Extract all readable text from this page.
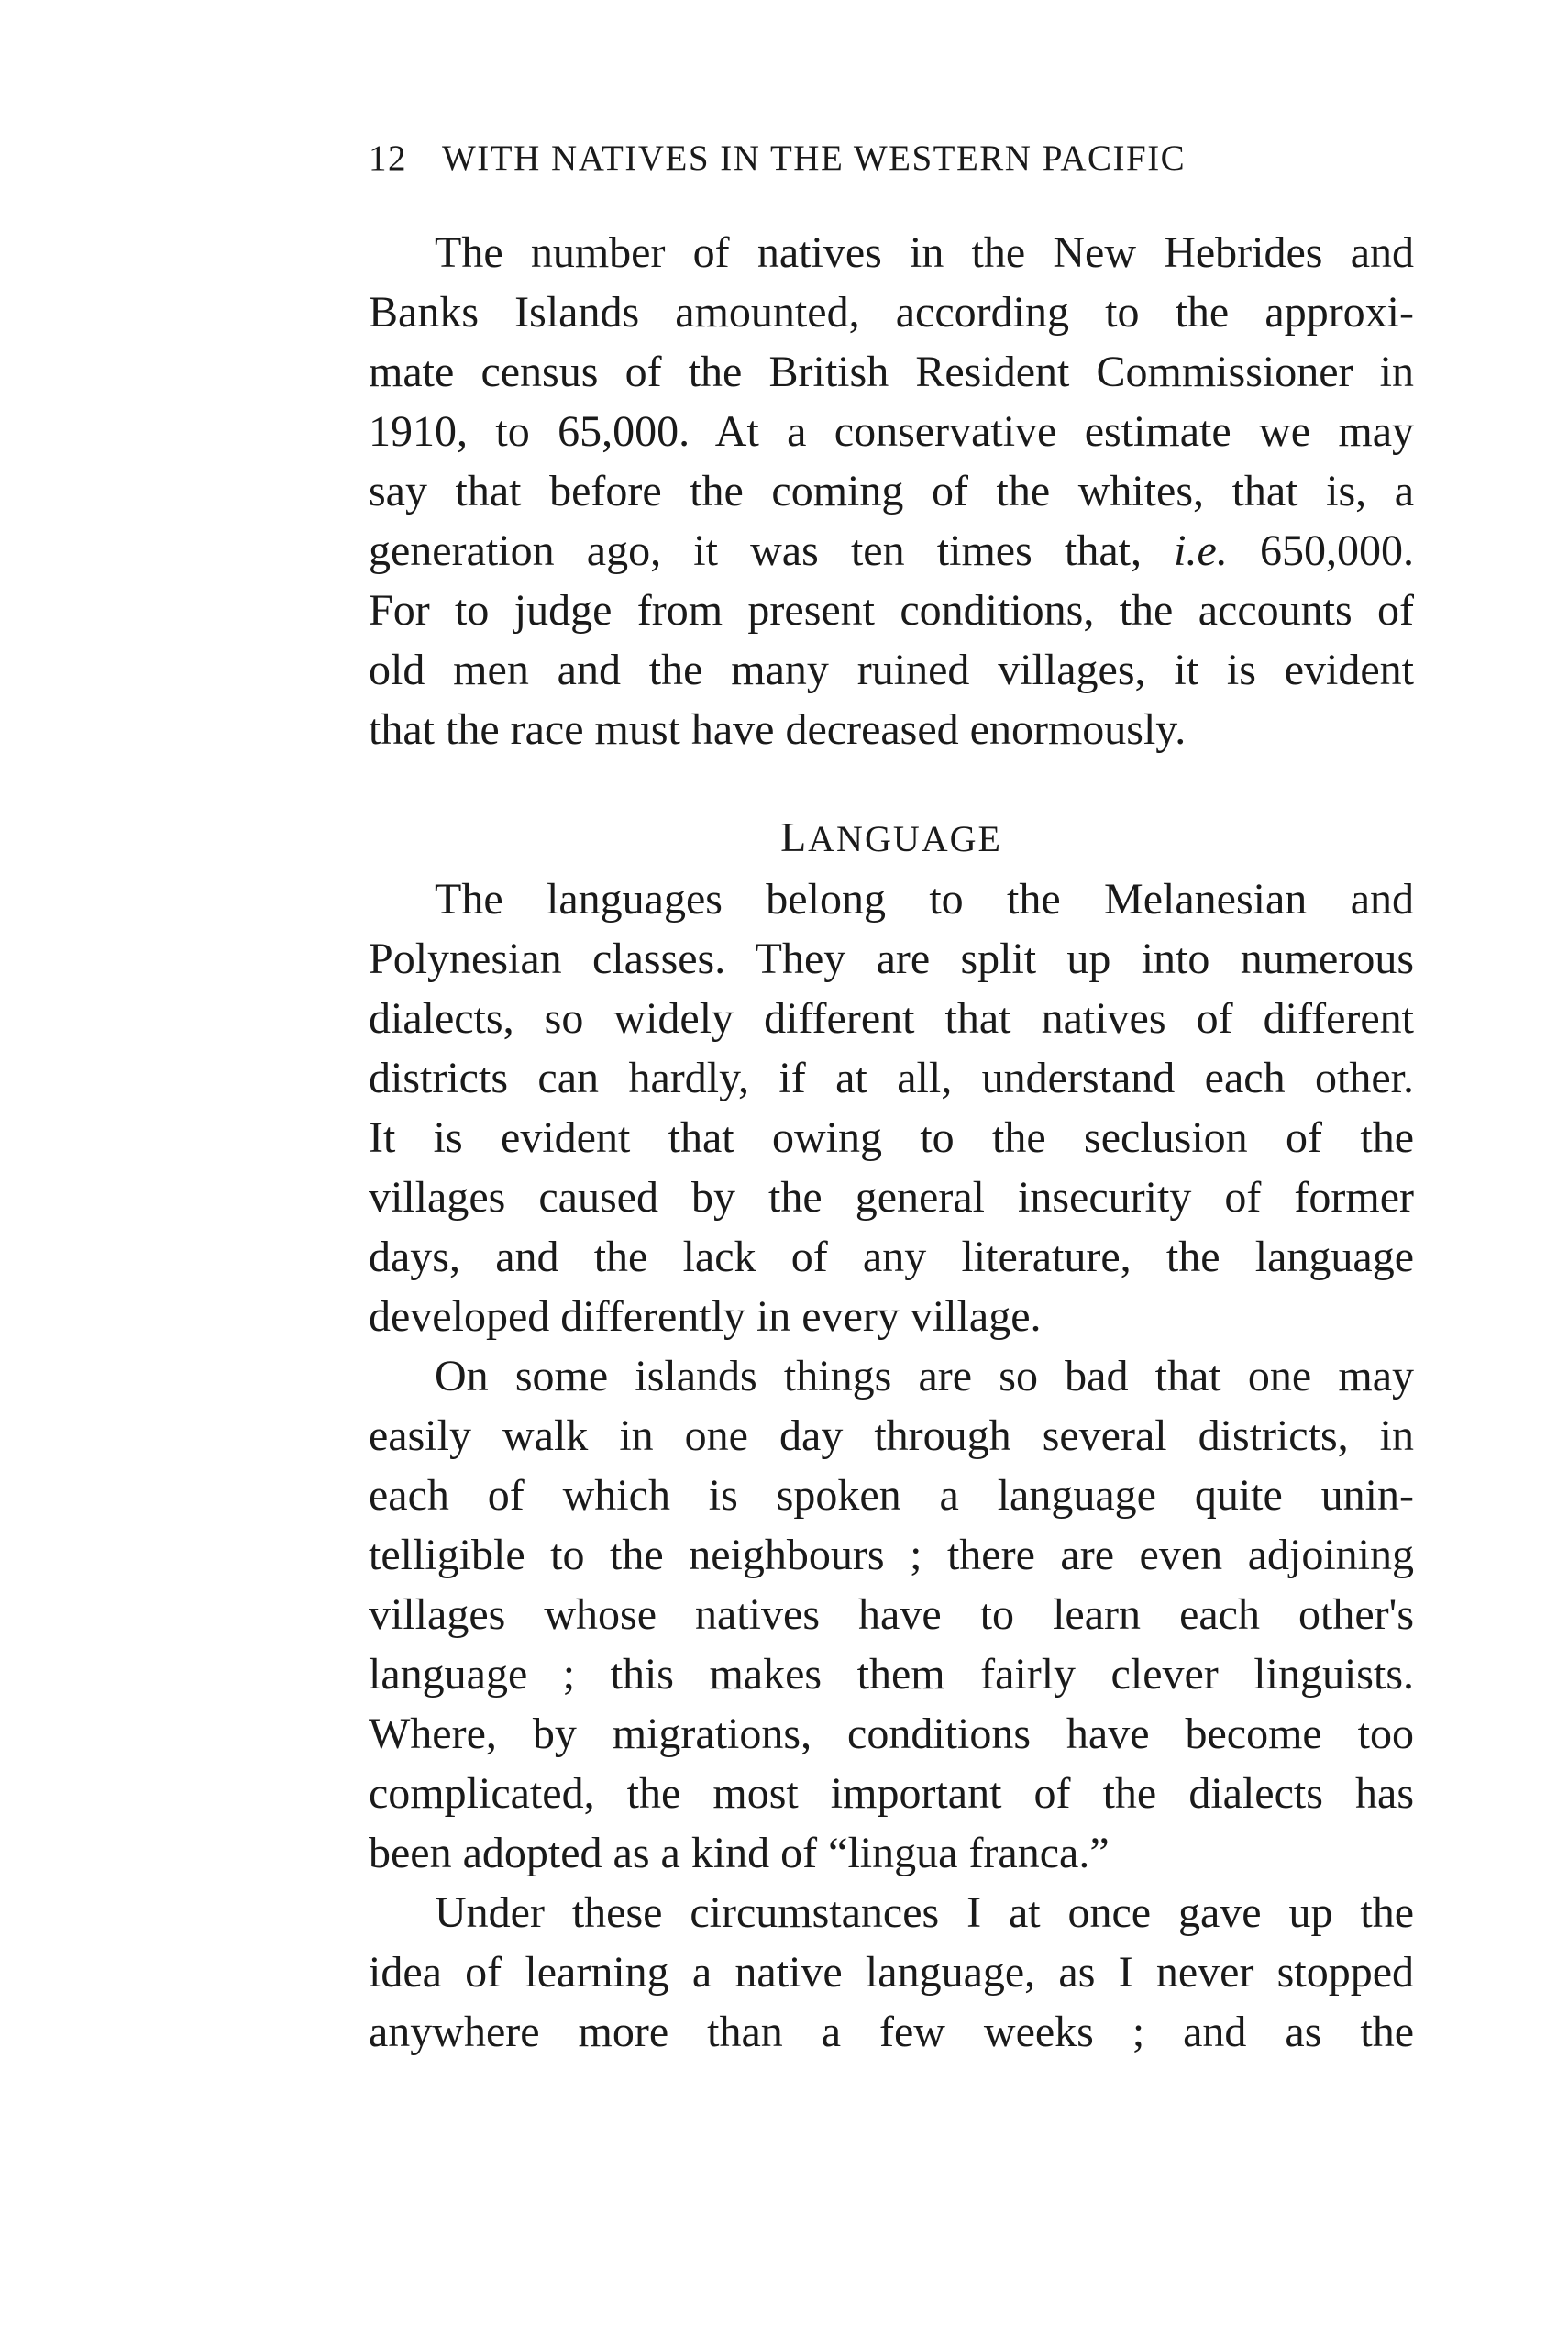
12 WITH NATIVES IN THE WESTERN PACIFIC
The number of natives in the New Hebrides and
Banks Islands amounted, according to the approxi-
mate census of the British Resident Commissioner in
1910, to 65,000. At a conservative estimate we may
say that before the coming of the whites, that is, a
generation ago, it was ten times that, i.e. 650,000.
For to judge from present conditions, the accounts of
old men and the many ruined villages, it is evident
that the race must have decreased enormously.
LANGUAGE
The languages belong to the Melanesian and
Polynesian classes. They are split up into numerous
dialects, so widely different that natives of different
districts can hardly, if at all, understand each other.
It is evident that owing to the seclusion of the
villages caused by the general insecurity of former
days, and the lack of any literature, the language
developed differently in every village.
On some islands things are so bad that one may
easily walk in one day through several districts, in
each of which is spoken a language quite unin-
telligible to the neighbours ; there are even adjoining
villages whose natives have to learn each other's
language ; this makes them fairly clever linguists.
Where, by migrations, conditions have become too
complicated, the most important of the dialects has
been adopted as a kind of “lingua franca.”
Under these circumstances I at once gave up the
idea of learning a native language, as I never stopped
anywhere more than a few weeks ; and as the
